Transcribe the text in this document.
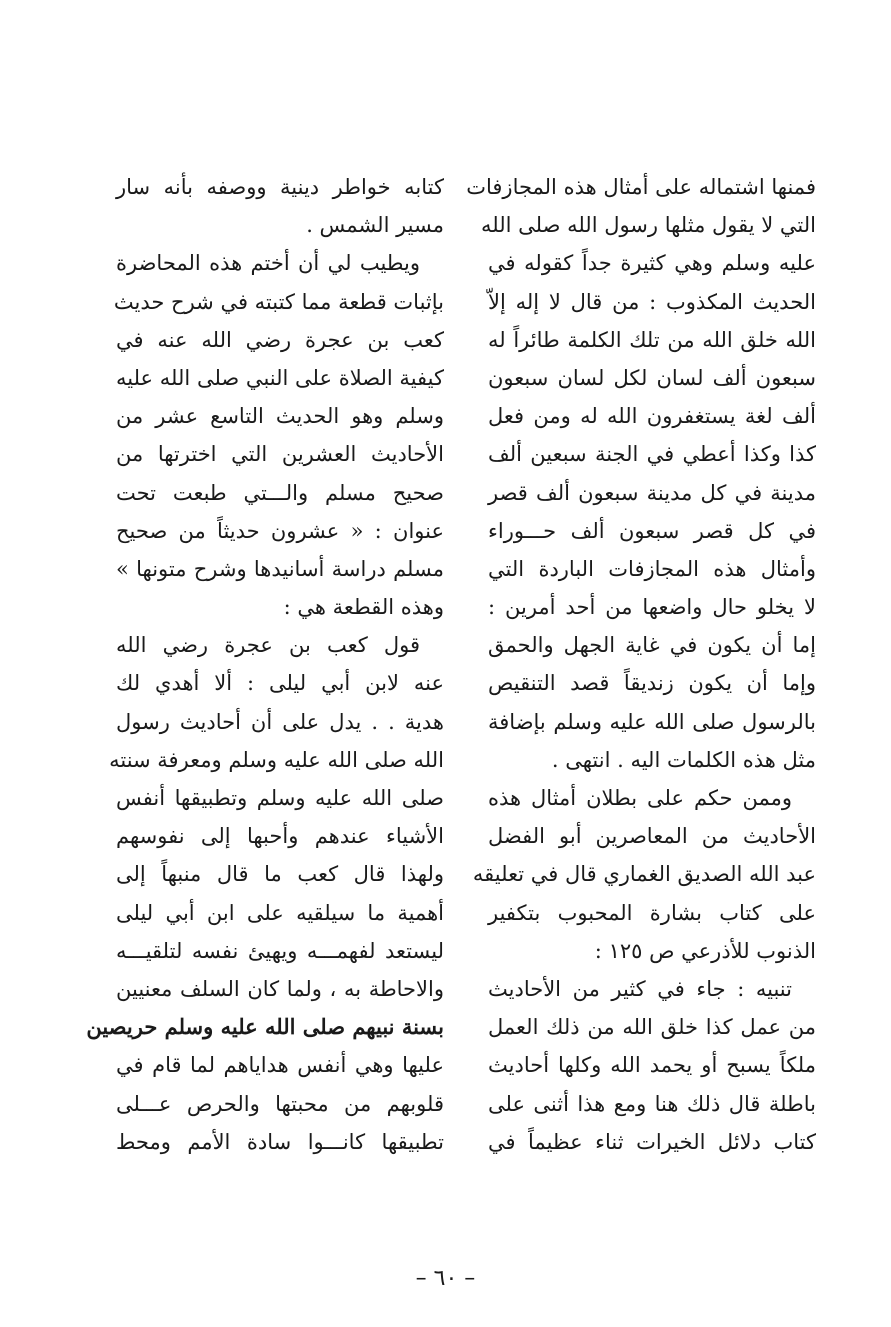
فمنها اشتماله على أمثال هذه المجازفات
التي لا يقول مثلها رسول الله صلى الله
عليه وسلم وهي كثيرة جداً كقوله في
الحديث المكذوب : من قال لا إله إلاّ
الله خلق الله من تلك الكلمة طائراً له
سبعون ألف لسان لكل لسان سبعون
ألف لغة يستغفرون الله له ومن فعل
كذا وكذا أعطي في الجنة سبعين ألف
مدينة في كل مدينة سبعون ألف قصر
في كل قصر سبعون ألف حـــوراء
وأمثال هذه المجازفات الباردة التي
لا يخلو حال واضعها من أحد أمرين :
إما أن يكون في غاية الجهل والحمق
وإما أن يكون زنديقاً قصد التنقيص
بالرسول صلى الله عليه وسلم بإضافة
مثل هذه الكلمات اليه . انتهى .
وممن حكم على بطلان أمثال هذه
الأحاديث من المعاصرين أبو الفضل
عبد الله الصديق الغماري قال في تعليقه
على كتاب بشارة المحبوب بتكفير
الذنوب للأذرعي ص ١٢٥ :
تنبيه : جاء في كثير من الأحاديث
من عمل كذا خلق الله من ذلك العمل
ملكاً يسبح أو يحمد الله وكلها أحاديث
باطلة قال ذلك هنا ومع هذا أثنى على
كتاب دلائل الخيرات ثناء عظيماً في
كتابه خواطر دينية ووصفه بأنه سار
مسير الشمس .
ويطيب لي أن أختم هذه المحاضرة
بإثبات قطعة مما كتبته في شرح حديث
كعب بن عجرة رضي الله عنه في
كيفية الصلاة على النبي صلى الله عليه
وسلم وهو الحديث التاسع عشر من
الأحاديث العشرين التي اخترتها من
صحيح مسلم والـــتي طبعت تحت
عنوان : « عشرون حديثاً من صحيح
مسلم دراسة أسانيدها وشرح متونها »
وهذه القطعة هي :
قول كعب بن عجرة رضي الله
عنه لابن أبي ليلى : ألا أهدي لك
هدية . . يدل على أن أحاديث رسول
الله صلى الله عليه وسلم ومعرفة سنته
صلى الله عليه وسلم وتطبيقها أنفس
الأشياء عندهم وأحبها إلى نفوسهم
ولهذا قال كعب ما قال منبهاً إلى
أهمية ما سيلقيه على ابن أبي ليلى
ليستعد لفهمـــه ويهيئ نفسه لتلقيـــه
والاحاطة به ، ولما كان السلف معنيين
بسنة نبيهم صلى الله عليه وسلم حريصين
عليها وهي أنفس هداياهم لما قام في
قلوبهم من محبتها والحرص عـــلى
تطبيقها كانـــوا سادة الأمم ومحط
– ٦٠ –
